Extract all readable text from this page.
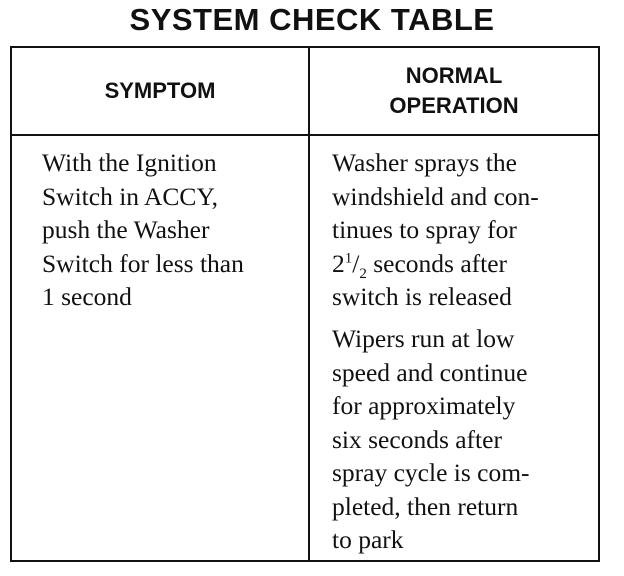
SYSTEM CHECK TABLE
SYMPTOM
NORMAL
OPERATION
With the Ignition
Switch in ACCY,
push the Washer
Switch for less than
1 second
Washer sprays the
windshield and con-
tinues to spray for
$2^1/_2$ seconds after
switch is released
Wipers run at low
speed and continue
for approximately
six seconds after
spray cycle is com-
pleted, then return
to park
